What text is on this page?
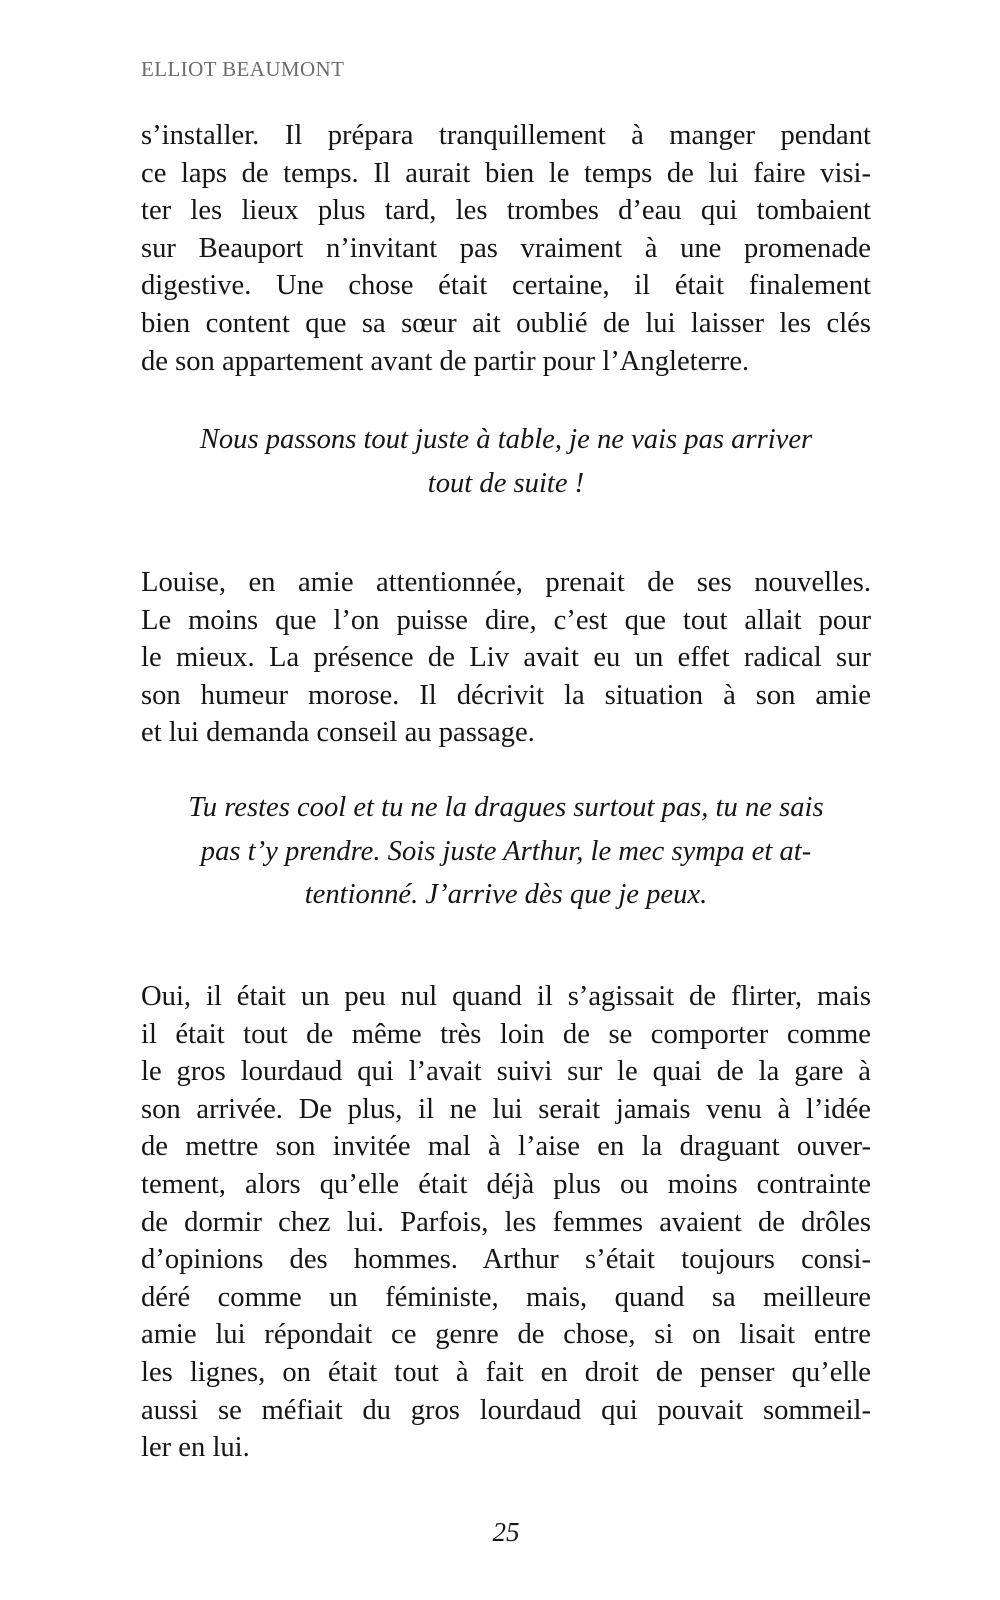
ELLIOT BEAUMONT
s’installer. Il prépara tranquillement à manger pendant
ce laps de temps. Il aurait bien le temps de lui faire visi-
ter les lieux plus tard, les trombes d’eau qui tombaient
sur Beauport n’invitant pas vraiment à une promenade
digestive. Une chose était certaine, il était finalement
bien content que sa sœur ait oublié de lui laisser les clés
de son appartement avant de partir pour l’Angleterre.
Nous passons tout juste à table, je ne vais pas arriver
tout de suite !
Louise, en amie attentionnée, prenait de ses nouvelles.
Le moins que l’on puisse dire, c’est que tout allait pour
le mieux. La présence de Liv avait eu un effet radical sur
son humeur morose. Il décrivit la situation à son amie
et lui demanda conseil au passage.
Tu restes cool et tu ne la dragues surtout pas, tu ne sais
pas t’y prendre. Sois juste Arthur, le mec sympa et at-
tentionné. J’arrive dès que je peux.
Oui, il était un peu nul quand il s’agissait de flirter, mais
il était tout de même très loin de se comporter comme
le gros lourdaud qui l’avait suivi sur le quai de la gare à
son arrivée. De plus, il ne lui serait jamais venu à l’idée
de mettre son invitée mal à l’aise en la draguant ouver-
tement, alors qu’elle était déjà plus ou moins contrainte
de dormir chez lui. Parfois, les femmes avaient de drôles
d’opinions des hommes. Arthur s’était toujours consi-
déré comme un féministe, mais, quand sa meilleure
amie lui répondait ce genre de chose, si on lisait entre
les lignes, on était tout à fait en droit de penser qu’elle
aussi se méfiait du gros lourdaud qui pouvait sommeil-
ler en lui.
25
